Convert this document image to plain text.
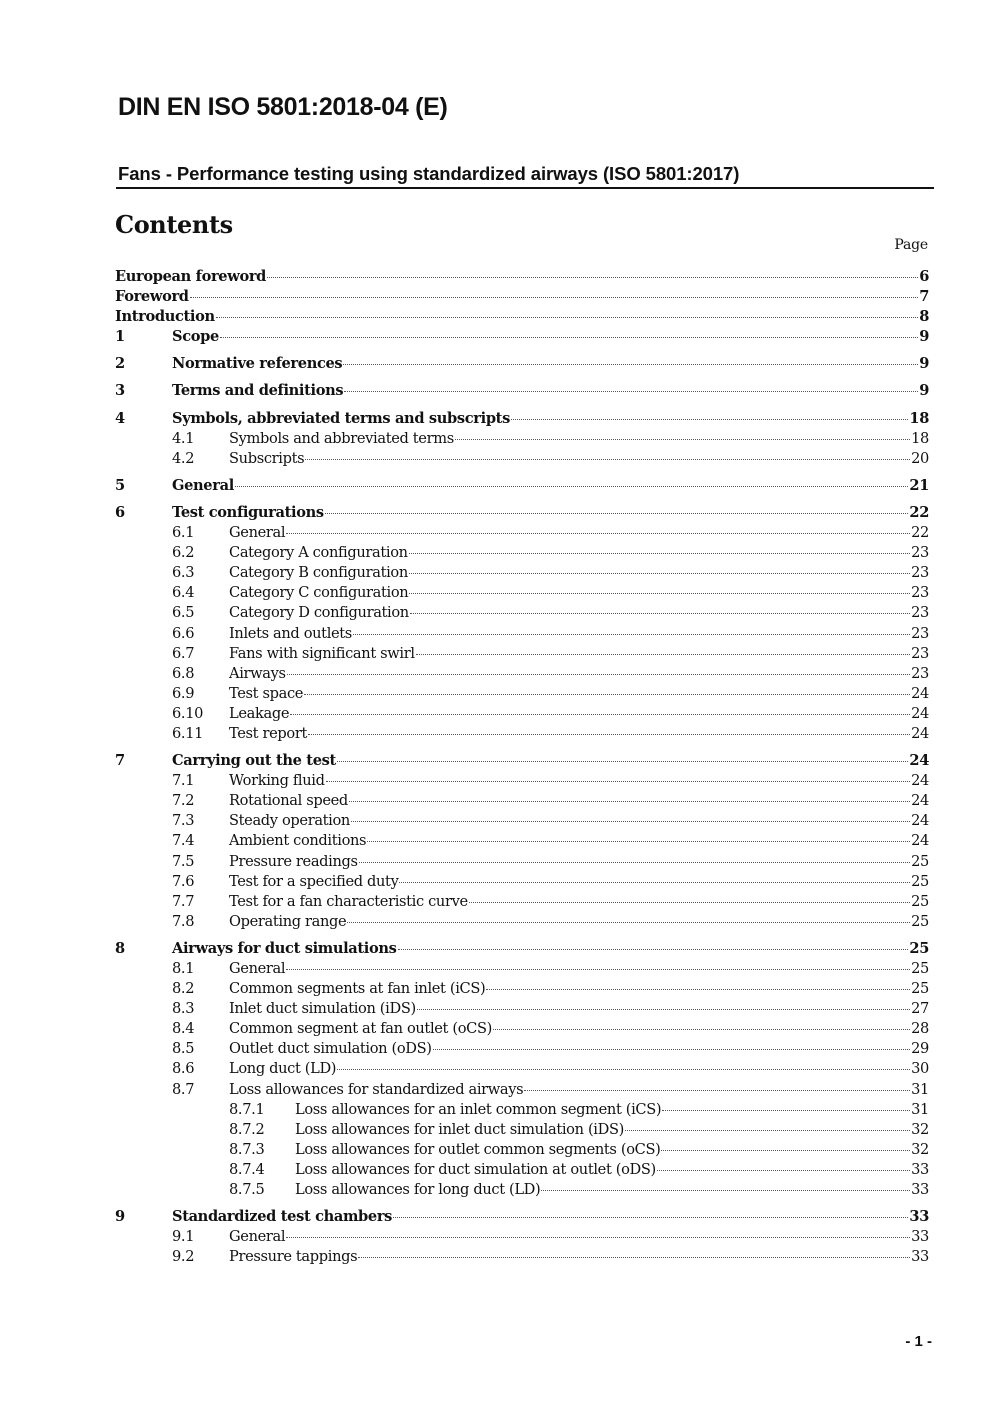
DIN EN ISO 5801:2018-04 (E)
Fans - Performance testing using standardized airways (ISO 5801:2017)
Contents
Page
European foreword	6
Foreword	7
Introduction	8
1	Scope	9
2	Normative references	9
3	Terms and definitions	9
4	Symbols, abbreviated terms and subscripts	18
4.1	Symbols and abbreviated terms	18
4.2	Subscripts	20
5	General	21
6	Test configurations	22
6.1	General	22
6.2	Category A configuration	23
6.3	Category B configuration	23
6.4	Category C configuration	23
6.5	Category D configuration	23
6.6	Inlets and outlets	23
6.7	Fans with significant swirl	23
6.8	Airways	23
6.9	Test space	24
6.10	Leakage	24
6.11	Test report	24
7	Carrying out the test	24
7.1	Working fluid	24
7.2	Rotational speed	24
7.3	Steady operation	24
7.4	Ambient conditions	24
7.5	Pressure readings	25
7.6	Test for a specified duty	25
7.7	Test for a fan characteristic curve	25
7.8	Operating range	25
8	Airways for duct simulations	25
8.1	General	25
8.2	Common segments at fan inlet (iCS)	25
8.3	Inlet duct simulation (iDS)	27
8.4	Common segment at fan outlet (oCS)	28
8.5	Outlet duct simulation (oDS)	29
8.6	Long duct (LD)	30
8.7	Loss allowances for standardized airways	31
8.7.1	Loss allowances for an inlet common segment (iCS)	31
8.7.2	Loss allowances for inlet duct simulation (iDS)	32
8.7.3	Loss allowances for outlet common segments (oCS)	32
8.7.4	Loss allowances for duct simulation at outlet (oDS)	33
8.7.5	Loss allowances for long duct (LD)	33
9	Standardized test chambers	33
9.1	General	33
9.2	Pressure tappings	33
- 1 -
